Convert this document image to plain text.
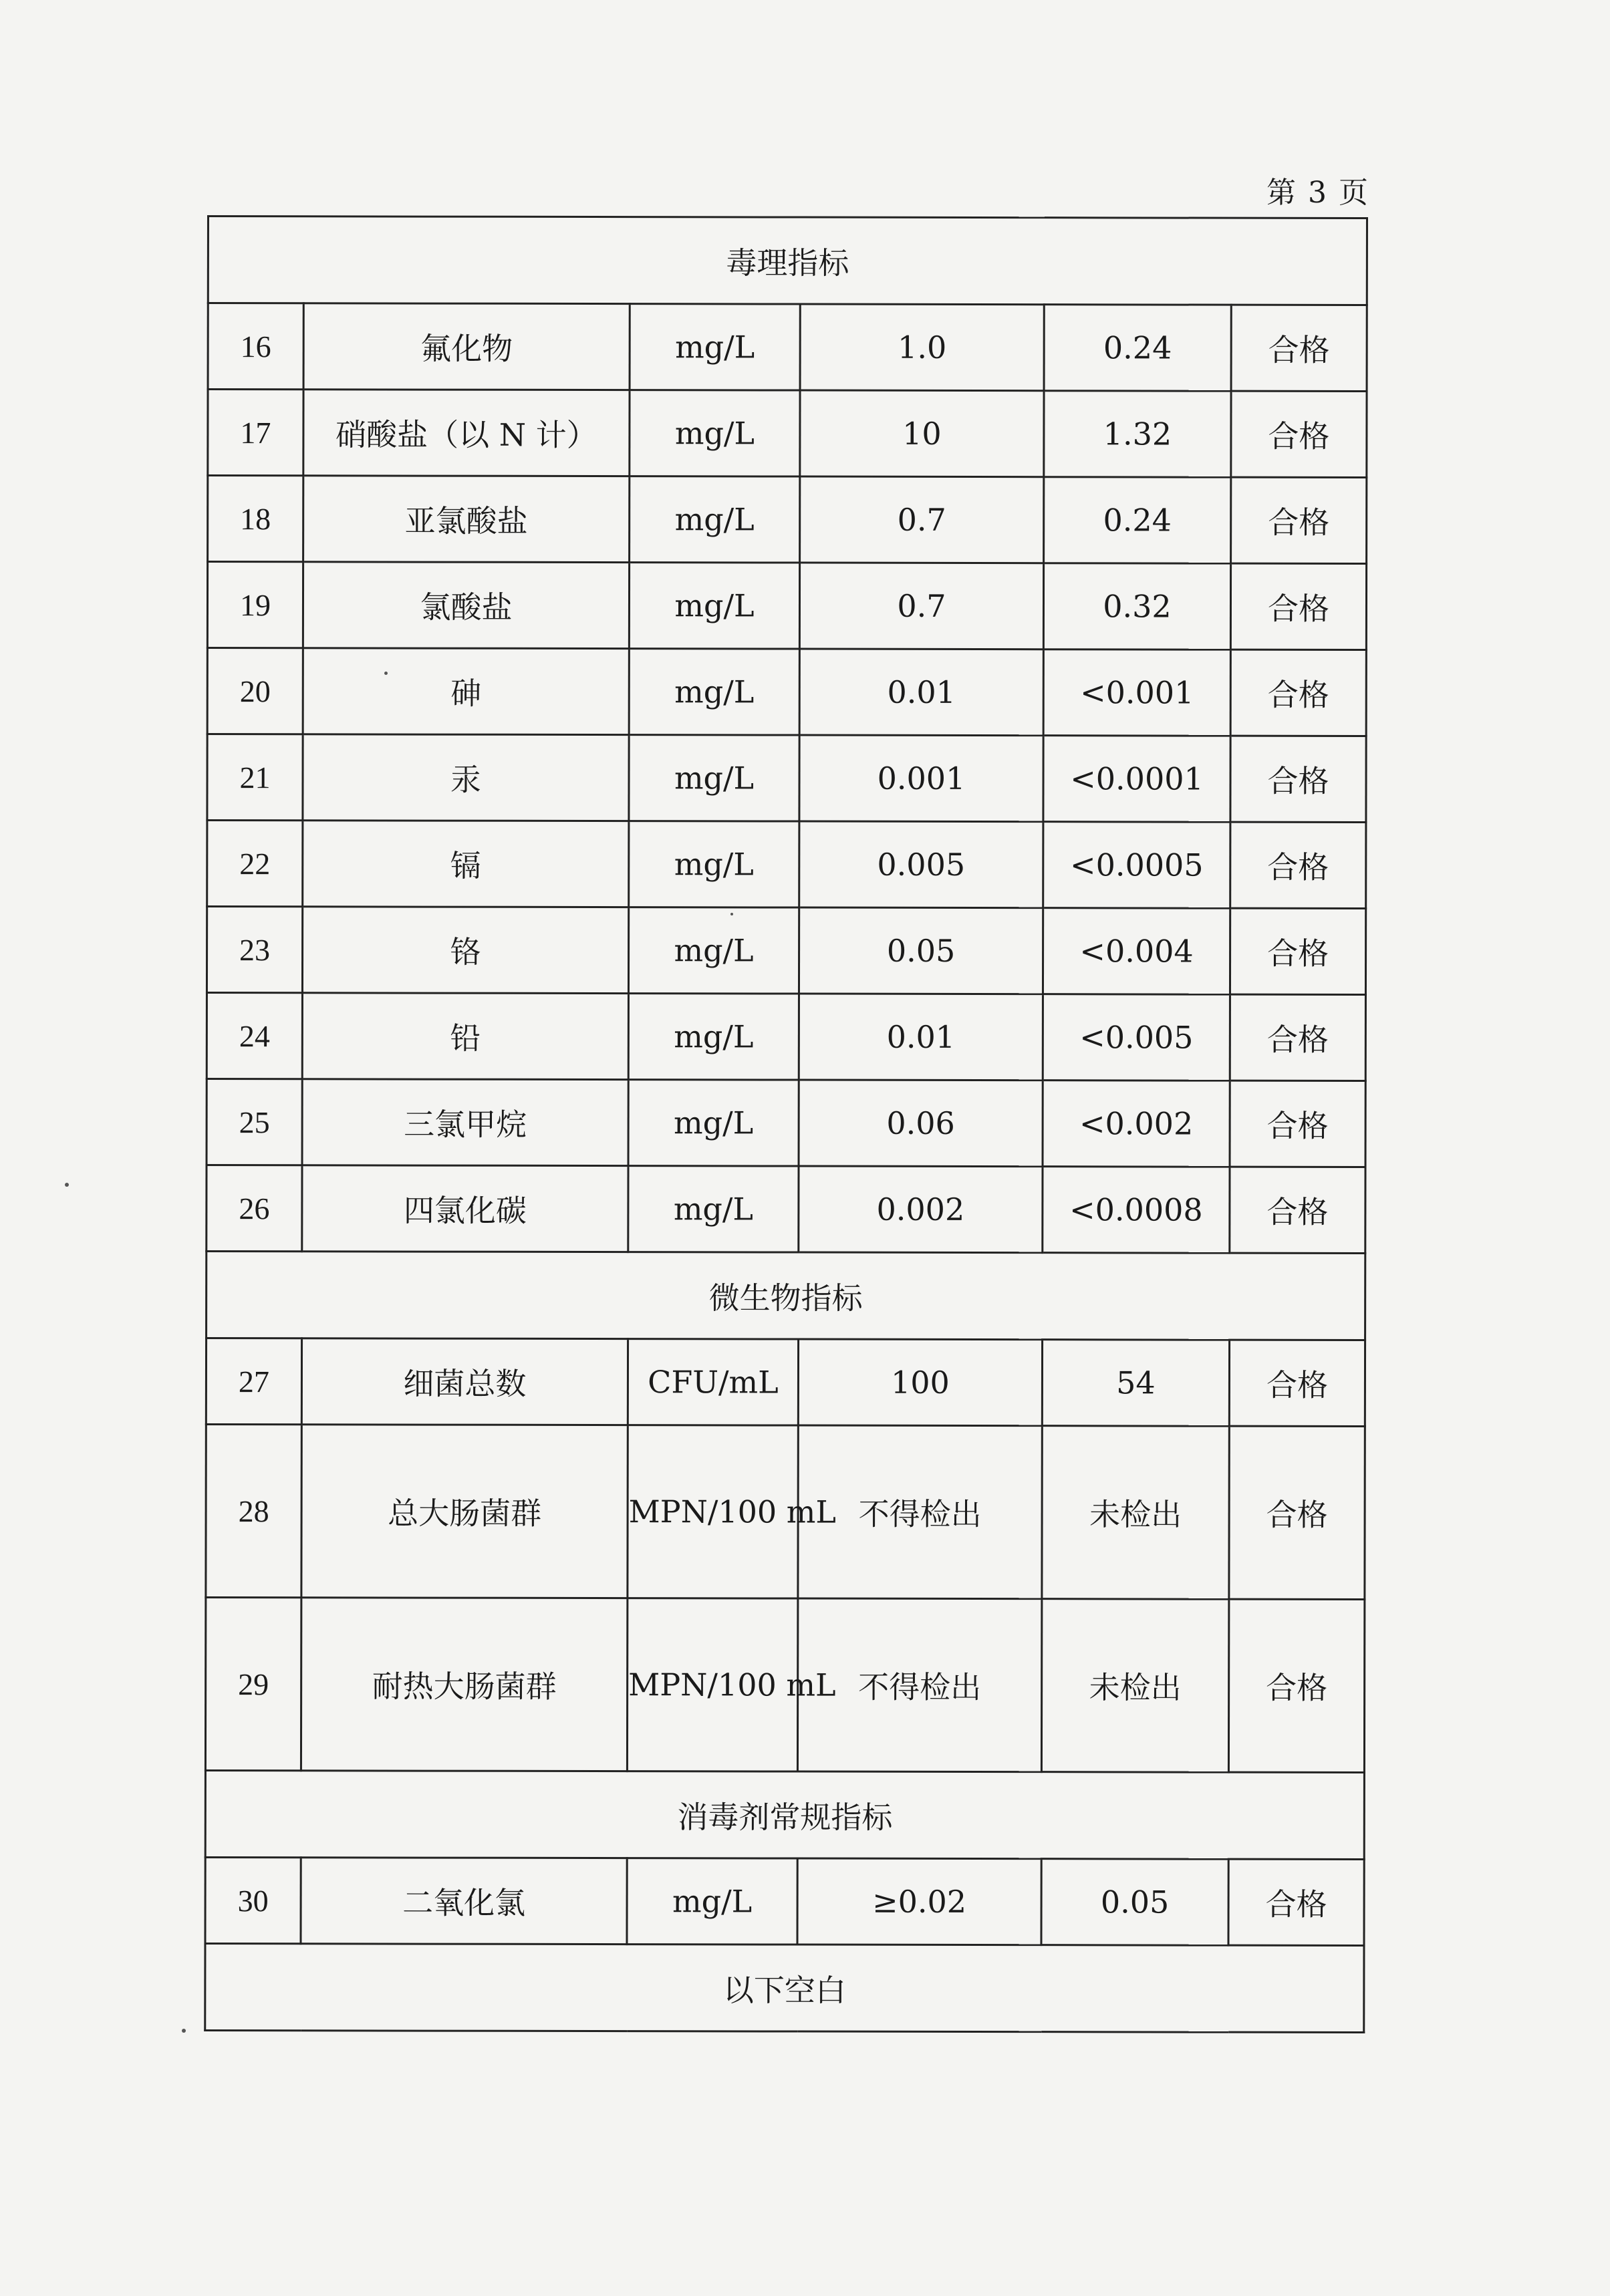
第 3 页
毒理指标					
16	氟化物	mg/L	1.0	0.24	合格
17	硝酸盐（以 N 计）	mg/L	10	1.32	合格
18	亚氯酸盐	mg/L	0.7	0.24	合格
19	氯酸盐	mg/L	0.7	0.32	合格
20	砷	mg/L	0.01	<0.001	合格
21	汞	mg/L	0.001	<0.0001	合格
22	镉	mg/L	0.005	<0.0005	合格
23	铬	mg/L	0.05	<0.004	合格
24	铅	mg/L	0.01	<0.005	合格
25	三氯甲烷	mg/L	0.06	<0.002	合格
26	四氯化碳	mg/L	0.002	<0.0008	合格
微生物指标					
27	细菌总数	CFU/mL	100	54	合格
28	总大肠菌群	MPN/100 mL	不得检出	未检出	合格
29	耐热大肠菌群	MPN/100 mL	不得检出	未检出	合格
消毒剂常规指标					
30	二氧化氯	mg/L	≥0.02	0.05	合格
以下空白					
